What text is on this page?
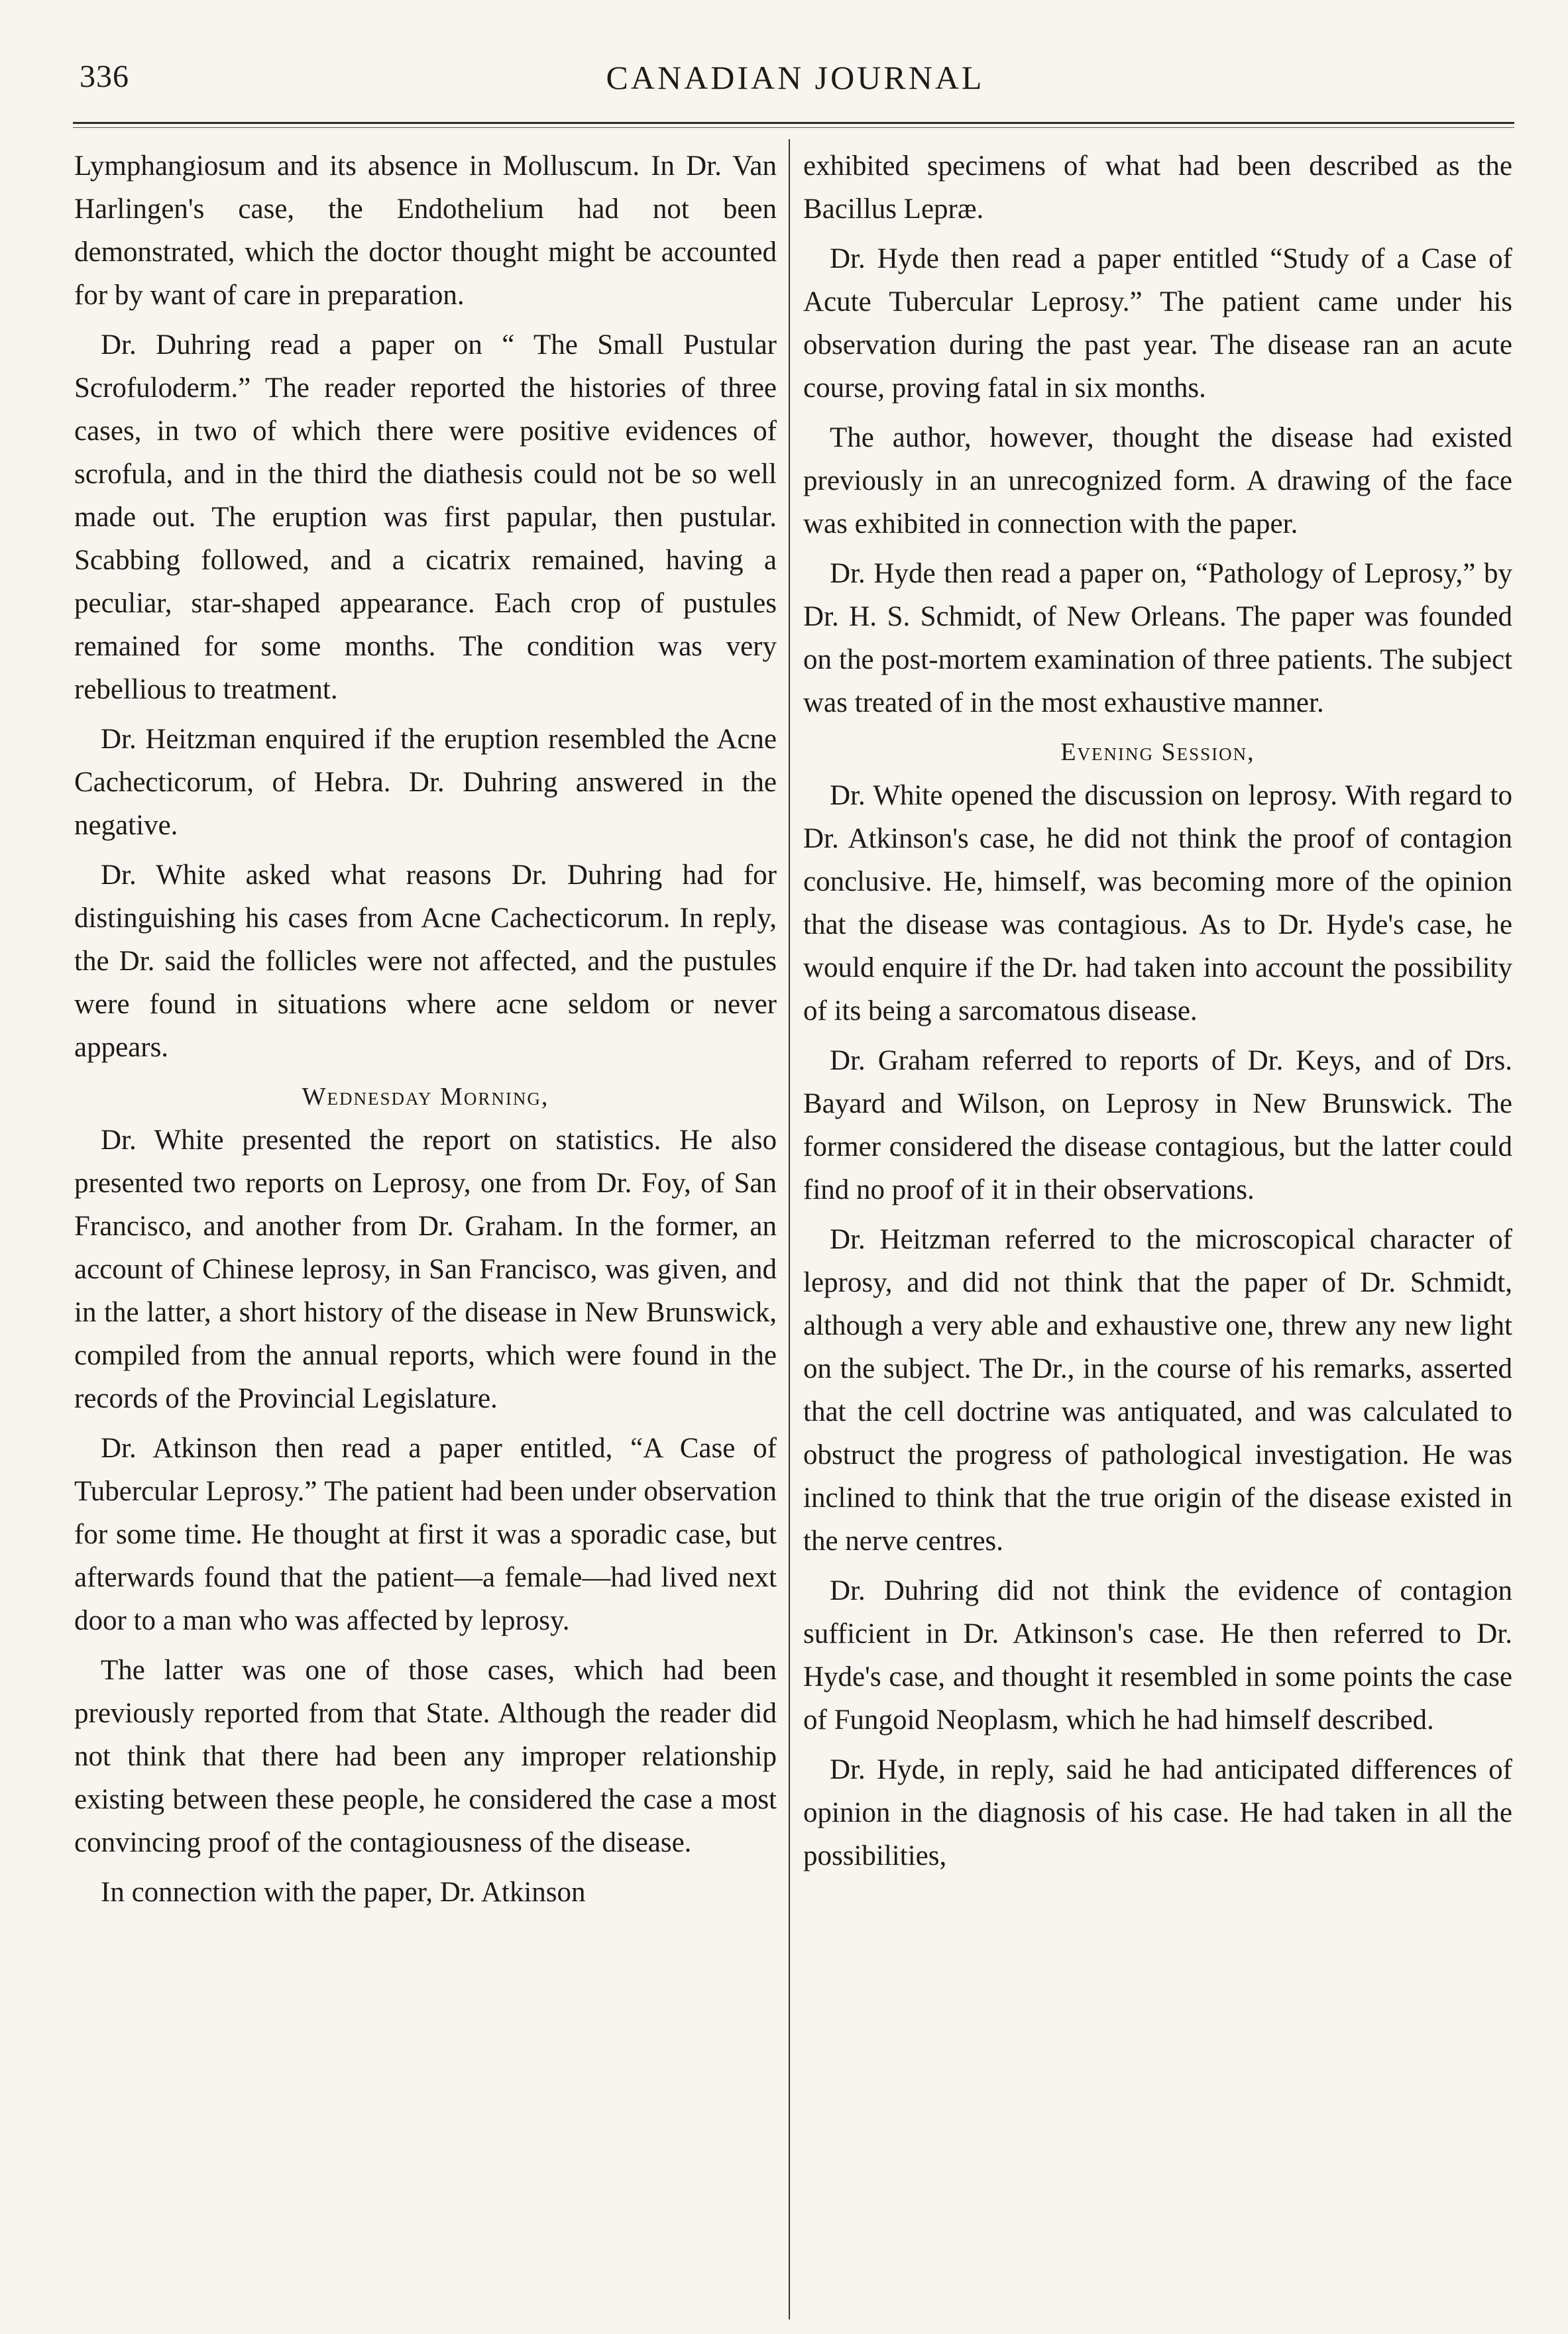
336	CANADIAN JOURNAL

Lymphangiosum and its absence in Molluscum. In Dr. Van Harlingen's case, the Endothelium had not been demonstrated, which the doctor thought might be accounted for by want of care in preparation.

Dr. Duhring read a paper on “ The Small Pustular Scrofuloderm.” The reader reported the histories of three cases, in two of which there were positive evidences of scrofula, and in the third the diathesis could not be so well made out. The eruption was first papular, then pustular. Scabbing followed, and a cicatrix remained, having a peculiar, star-shaped appearance. Each crop of pustules remained for some months. The condition was very rebellious to treatment.

Dr. Heitzman enquired if the eruption resembled the Acne Cachecticorum, of Hebra. Dr. Duhring answered in the negative.

Dr. White asked what reasons Dr. Duhring had for distinguishing his cases from Acne Cachecticorum. In reply, the Dr. said the follicles were not affected, and the pustules were found in situations where acne seldom or never appears.

Wednesday Morning,

Dr. White presented the report on statistics. He also presented two reports on Leprosy, one from Dr. Foy, of San Francisco, and another from Dr. Graham. In the former, an account of Chinese leprosy, in San Francisco, was given, and in the latter, a short history of the disease in New Brunswick, compiled from the annual reports, which were found in the records of the Provincial Legislature.

Dr. Atkinson then read a paper entitled, “A Case of Tubercular Leprosy.” The patient had been under observation for some time. He thought at first it was a sporadic case, but afterwards found that the patient—a female—had lived next door to a man who was affected by leprosy.

The latter was one of those cases, which had been previously reported from that State. Although the reader did not think that there had been any improper relationship existing between these people, he considered the case a most convincing proof of the contagiousness of the disease.

In connection with the paper, Dr. Atkinson

exhibited specimens of what had been described as the Bacillus Lepræ.

Dr. Hyde then read a paper entitled “Study of a Case of Acute Tubercular Leprosy.” The patient came under his observation during the past year. The disease ran an acute course, proving fatal in six months.

The author, however, thought the disease had existed previously in an unrecognized form. A drawing of the face was exhibited in connection with the paper.

Dr. Hyde then read a paper on, “Pathology of Leprosy,” by Dr. H. S. Schmidt, of New Orleans. The paper was founded on the post-mortem examination of three patients. The subject was treated of in the most exhaustive manner.

Evening Session,

Dr. White opened the discussion on leprosy. With regard to Dr. Atkinson's case, he did not think the proof of contagion conclusive. He, himself, was becoming more of the opinion that the disease was contagious. As to Dr. Hyde's case, he would enquire if the Dr. had taken into account the possibility of its being a sarcomatous disease.

Dr. Graham referred to reports of Dr. Keys, and of Drs. Bayard and Wilson, on Leprosy in New Brunswick. The former considered the disease contagious, but the latter could find no proof of it in their observations.

Dr. Heitzman referred to the microscopical character of leprosy, and did not think that the paper of Dr. Schmidt, although a very able and exhaustive one, threw any new light on the subject. The Dr., in the course of his remarks, asserted that the cell doctrine was antiquated, and was calculated to obstruct the progress of pathological investigation. He was inclined to think that the true origin of the disease existed in the nerve centres.

Dr. Duhring did not think the evidence of contagion sufficient in Dr. Atkinson's case. He then referred to Dr. Hyde's case, and thought it resembled in some points the case of Fungoid Neoplasm, which he had himself described.

Dr. Hyde, in reply, said he had anticipated differences of opinion in the diagnosis of his case. He had taken in all the possibilities,
